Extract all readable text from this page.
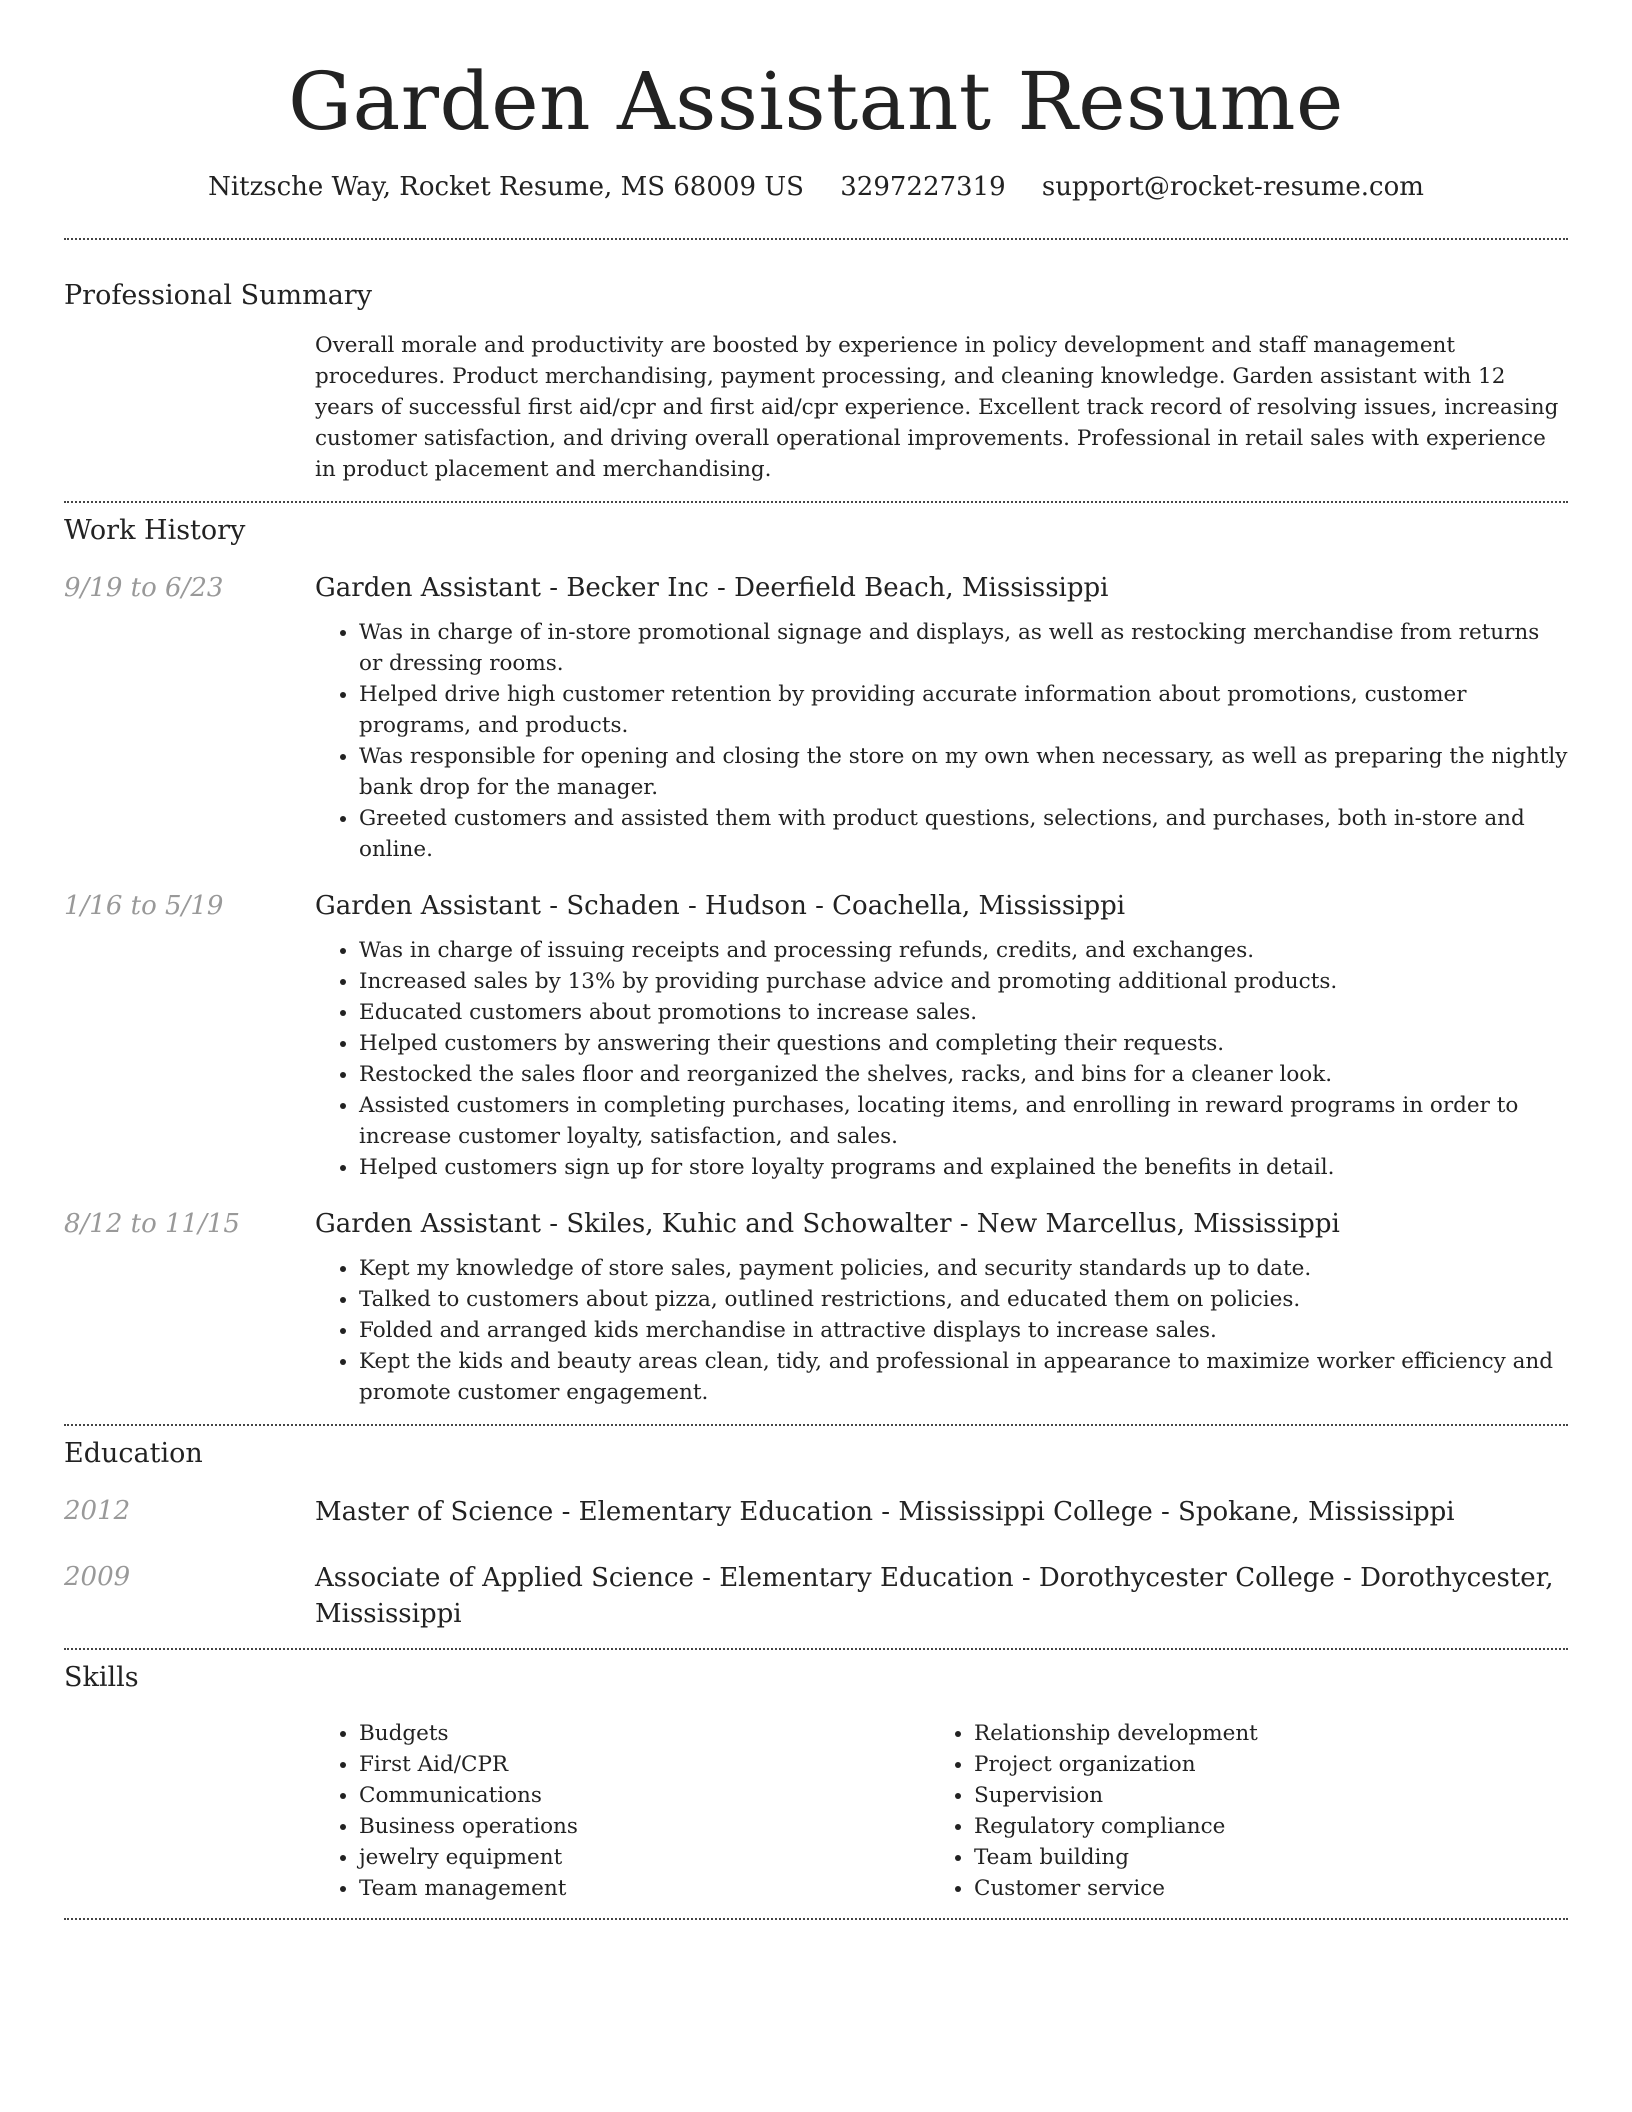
Garden Assistant Resume
Nitzsche Way, Rocket Resume, MS 68009 US 3297227319 support@rocket-resume.com
Professional Summary

Overall morale and productivity are boosted by experience in policy development and staff management procedures. Product merchandising, payment processing, and cleaning knowledge. Garden assistant with 12 years of successful first aid/cpr and first aid/cpr experience. Excellent track record of resolving issues, increasing customer satisfaction, and driving overall operational improvements. Professional in retail sales with experience in product placement and merchandising.

Work History
9/19 to 6/23	Garden Assistant - Becker Inc - Deerfield Beach, Mississippi
• Was in charge of in-store promotional signage and displays, as well as restocking merchandise from returns or dressing rooms.
• Helped drive high customer retention by providing accurate information about promotions, customer programs, and products.
• Was responsible for opening and closing the store on my own when necessary, as well as preparing the nightly bank drop for the manager.
• Greeted customers and assisted them with product questions, selections, and purchases, both in-store and online.
1/16 to 5/19	Garden Assistant - Schaden - Hudson - Coachella, Mississippi
• Was in charge of issuing receipts and processing refunds, credits, and exchanges.
• Increased sales by 13% by providing purchase advice and promoting additional products.
• Educated customers about promotions to increase sales.
• Helped customers by answering their questions and completing their requests.
• Restocked the sales floor and reorganized the shelves, racks, and bins for a cleaner look.
• Assisted customers in completing purchases, locating items, and enrolling in reward programs in order to increase customer loyalty, satisfaction, and sales.
• Helped customers sign up for store loyalty programs and explained the benefits in detail.
8/12 to 11/15	Garden Assistant - Skiles, Kuhic and Schowalter - New Marcellus, Mississippi
• Kept my knowledge of store sales, payment policies, and security standards up to date.
• Talked to customers about pizza, outlined restrictions, and educated them on policies.
• Folded and arranged kids merchandise in attractive displays to increase sales.
• Kept the kids and beauty areas clean, tidy, and professional in appearance to maximize worker efficiency and promote customer engagement.
Education
2012	Master of Science - Elementary Education - Mississippi College - Spokane, Mississippi
2009	Associate of Applied Science - Elementary Education - Dorothycester College - Dorothycester, Mississippi
Skills
• Budgets
• First Aid/CPR
• Communications
• Business operations
• jewelry equipment
• Team management
• Relationship development
• Project organization
• Supervision
• Regulatory compliance
• Team building
• Customer service
